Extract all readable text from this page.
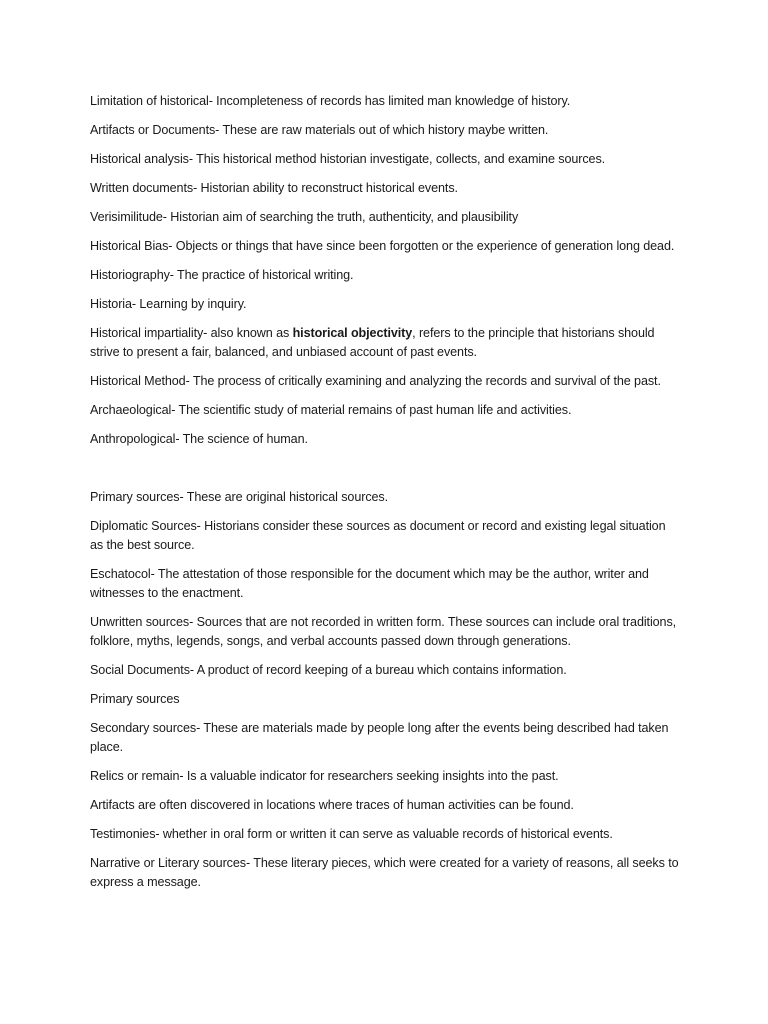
Limitation of historical- Incompleteness of records has limited man knowledge of history.

Artifacts or Documents- These are raw materials out of which history maybe written.

Historical analysis- This historical method historian investigate, collects, and examine sources.

Written documents- Historian ability to reconstruct historical events.

Verisimilitude- Historian aim of searching the truth, authenticity, and plausibility

Historical Bias- Objects or things that have since been forgotten or the experience of generation long dead.

Historiography- The practice of historical writing.

Historia- Learning by inquiry.

Historical impartiality- also known as historical objectivity, refers to the principle that historians should strive to present a fair, balanced, and unbiased account of past events.

Historical Method- The process of critically examining and analyzing the records and survival of the past.

Archaeological- The scientific study of material remains of past human life and activities.

Anthropological- The science of human.

Primary sources- These are original historical sources.

Diplomatic Sources- Historians consider these sources as document or record and existing legal situation as the best source.

Eschatocol- The attestation of those responsible for the document which may be the author, writer and witnesses to the enactment.

Unwritten sources- Sources that are not recorded in written form. These sources can include oral traditions, folklore, myths, legends, songs, and verbal accounts passed down through generations.

Social Documents- A product of record keeping of a bureau which contains information.

Primary sources

Secondary sources- These are materials made by people long after the events being described had taken place.

Relics or remain- Is a valuable indicator for researchers seeking insights into the past.

Artifacts are often discovered in locations where traces of human activities can be found.

Testimonies- whether in oral form or written it can serve as valuable records of historical events.

Narrative or Literary sources- These literary pieces, which were created for a variety of reasons, all seeks to express a message.
